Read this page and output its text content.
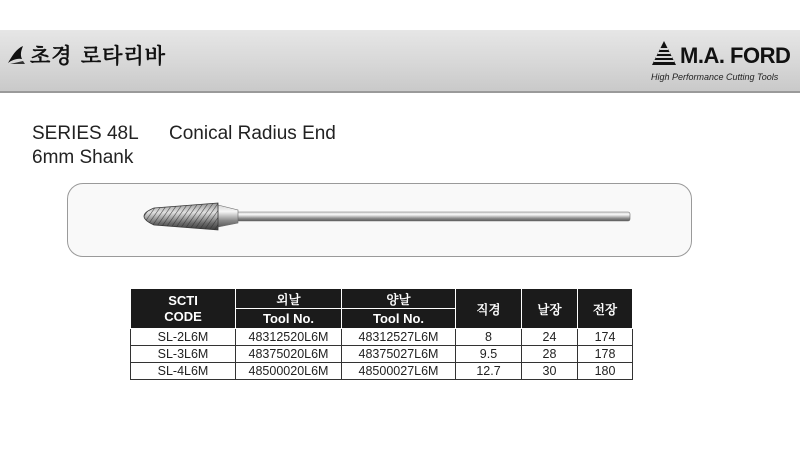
초경 로타리바	M.A. FORD
High Performance Cutting Tools
SERIES 48L
6mm Shank
Conical Radius End
SCTI
CODE	외날	양날	직경	날장	전장
	Tool No.	Tool No.			
SL-2L6M	48312520L6M	48312527L6M	8	24	174
SL-3L6M	48375020L6M	48375027L6M	9.5	28	178
SL-4L6M	48500020L6M	48500027L6M	12.7	30	180
